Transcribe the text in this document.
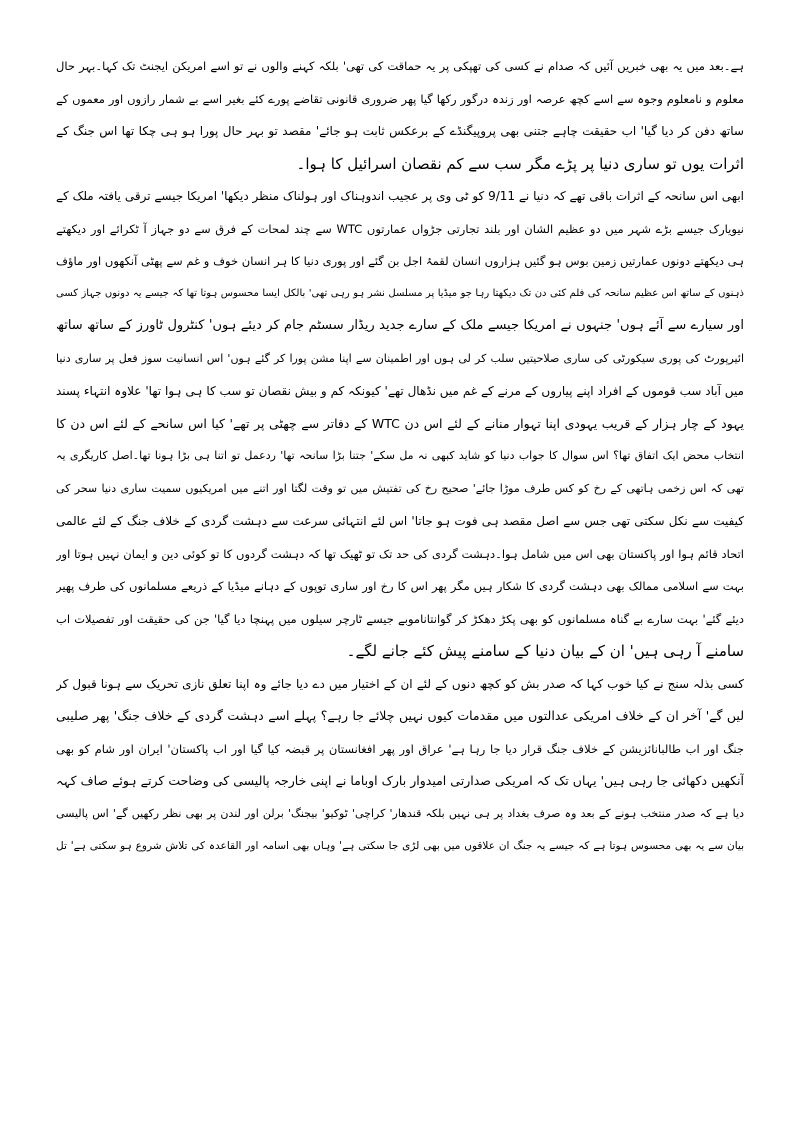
ہے۔بعد میں یہ بھی خبریں آئیں کہ صدام نے کسی کی تھپکی پر یہ حماقت کی تھی' بلکہ کہنے والوں نے تو اسے امریکن ایجنٹ تک کہا۔بہر حال
معلوم و نامعلوم وجوہ سے اسے کچھ عرصہ اور زندہ درگور رکھا گیا پھر ضروری قانونی تقاضے پورے کئے بغیر اسے بے شمار رازوں اور معموں کے
ساتھ دفن کر دیا گیا' اب حقیقت چاہے جتنی بھی پروپیگنڈے کے برعکس ثابت ہو جائے' مقصد تو بہر حال پورا ہو ہی چکا تھا اس جنگ کے
اثرات یوں تو ساری دنیا پر پڑے مگر سب سے کم نقصان اسرائیل کا ہوا۔
ابھی اس سانحہ کے اثرات باقی تھے کہ دنیا نے 9/11 کو ٹی وی پر عجیب اندوہناک اور ہولناک منظر دیکھا' امریکا جیسے ترقی یافتہ ملک کے
نیویارک جیسے بڑے شہر میں دو عظیم الشان اور بلند تجارتی جڑواں عمارتوں WTC سے چند لمحات کے فرق سے دو جہاز آ ٹکرائے اور دیکھتے
ہی دیکھتے دونوں عمارتیں زمین بوس ہو گئیں ہزاروں انسان لقمۂ اجل بن گئے اور پوری دنیا کا ہر انسان خوف و غم سے پھٹی آنکھوں اور ماؤف
ذہنوں کے ساتھ اس عظیم سانحہ کی فلم کئی دن تک دیکھتا رہا جو میڈیا پر مسلسل نشر ہو رہی تھی' بالکل ایسا محسوس ہوتا تھا کہ جیسے یہ دونوں جہاز کسی
اور سیارے سے آئے ہوں' جنہوں نے امریکا جیسے ملک کے سارے جدید ریڈار سسٹم جام کر دیئے ہوں' کنٹرول ٹاورز کے ساتھ ساتھ
ائیرپورٹ کی پوری سیکورٹی کی ساری صلاحیتیں سلب کر لی ہوں اور اطمینان سے اپنا مشن پورا کر گئے ہوں' اس انسانیت سوز فعل پر ساری دنیا
میں آباد سب قوموں کے افراد اپنے پیاروں کے مرنے کے غم میں نڈھال تھے' کیونکہ کم و بیش نقصان تو سب کا ہی ہوا تھا' علاوہ انتہاء پسند
یہود کے چار ہزار کے قریب یہودی اپنا تہوار منانے کے لئے اس دن WTC کے دفاتر سے چھٹی پر تھے' کیا اس سانحے کے لئے اس دن کا
انتخاب محض ایک اتفاق تھا؟ اس سوال کا جواب دنیا کو شاید کبھی نہ مل سکے' جتنا بڑا سانحہ تھا' ردعمل تو اتنا ہی بڑا ہونا تھا۔اصل کاریگری یہ
تھی کہ اس زخمی ہاتھی کے رخ کو کس طرف موڑا جائے' صحیح رخ کی تفتیش میں تو وقت لگتا اور اتنے میں امریکیوں سمیت ساری دنیا سحر کی
کیفیت سے نکل سکتی تھی جس سے اصل مقصد ہی فوت ہو جاتا' اس لئے انتہائی سرعت سے دہشت گردی کے خلاف جنگ کے لئے عالمی
اتحاد قائم ہوا اور پاکستان بھی اس میں شامل ہوا۔دہشت گردی کی حد تک تو ٹھیک تھا کہ دہشت گردوں کا تو کوئی دین و ایمان نہیں ہوتا اور
بہت سے اسلامی ممالک بھی دہشت گردی کا شکار ہیں مگر پھر اس کا رخ اور ساری توپوں کے دہانے میڈیا کے ذریعے مسلمانوں کی طرف پھیر
دیئے گئے' بہت سارے بے گناہ مسلمانوں کو بھی پکڑ دھکڑ کر گوانتاناموبے جیسے ٹارچر سیلوں میں پہنچا دیا گیا' جن کی حقیقت اور تفصیلات اب
سامنے آ رہی ہیں' ان کے بیان دنیا کے سامنے پیش کئے جانے لگے۔
کسی بذلہ سنج نے کیا خوب کہا کہ صدر بش کو کچھ دنوں کے لئے ان کے اختیار میں دے دیا جائے وہ اپنا تعلق نازی تحریک سے ہونا قبول کر
لیں گے' آخر ان کے خلاف امریکی عدالتوں میں مقدمات کیوں نہیں چلائے جا رہے؟ پہلے اسے دہشت گردی کے خلاف جنگ' پھر صلیبی
جنگ اور اب طالبانائزیشن کے خلاف جنگ قرار دیا جا رہا ہے' عراق اور پھر افغانستان پر قبضہ کیا گیا اور اب پاکستان' ایران اور شام کو بھی
آنکھیں دکھائی جا رہی ہیں' یہاں تک کہ امریکی صدارتی امیدوار بارک اوباما نے اپنی خارجہ پالیسی کی وضاحت کرتے ہوئے صاف کہہ
دیا ہے کہ صدر منتخب ہونے کے بعد وہ صرف بغداد پر ہی نہیں بلکہ قندھار' کراچی' ٹوکیو' بیجنگ' برلن اور لندن پر بھی نظر رکھیں گے' اس پالیسی
بیان سے یہ بھی محسوس ہوتا ہے کہ جیسے یہ جنگ ان علاقوں میں بھی لڑی جا سکتی ہے' وہاں بھی اسامہ اور القاعدہ کی تلاش شروع ہو سکتی ہے' تل
